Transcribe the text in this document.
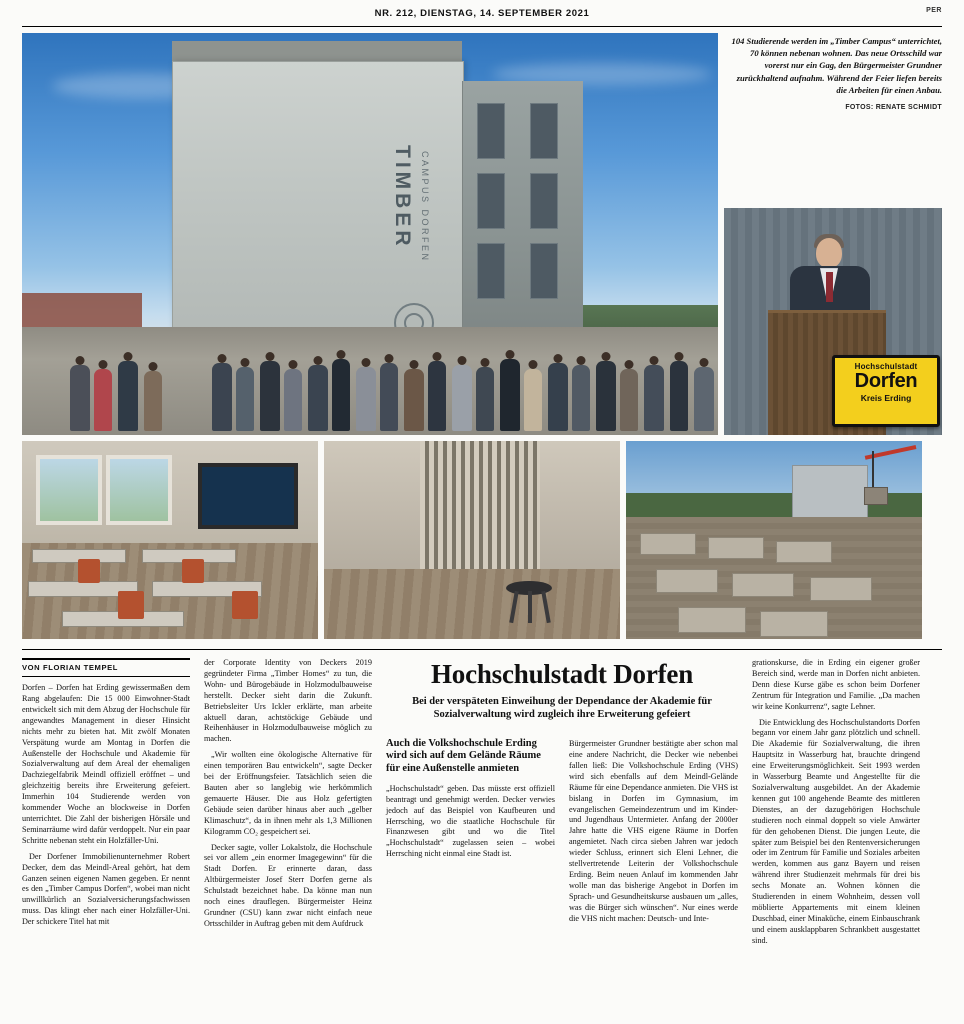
NR. 212, DIENSTAG, 14. SEPTEMBER 2021	PER
TIMBER CAMPUS DORFEN
104 Studierende werden im „Timber Campus“ unterrichtet, 70 können nebenan wohnen. Das neue Ortsschild war vorerst nur ein Gag, den Bürgermeister Grundner zurückhaltend aufnahm. Während der Feier liefen bereits die Arbeiten für einen Anbau.
FOTOS: RENATE SCHMIDT
Hochschulstadt
Dorfen
Kreis Erding
VON FLORIAN TEMPEL

Dorfen – Dorfen hat Erding gewissermaßen dem Rang abgelaufen: Die 15 000 Einwohner-Stadt entwickelt sich mit dem Abzug der Hochschule für angewandtes Management in dieser Hinsicht nichts mehr zu bieten hat. Mit zwölf Monaten Verspätung wurde am Montag in Dorfen die Außenstelle der Hochschule und Akademie für Sozialverwaltung auf dem Areal der ehemaligen Dachziegelfabrik Meindl offiziell eröffnet – und gleichzeitig bereits ihre Erweiterung gefeiert. Immerhin 104 Studierende werden von kommender Woche an blockweise in Dorfen unterrichtet. Die Zahl der bisherigen Hörsäle und Seminarräume wird dafür verdoppelt. Nur ein paar Schritte nebenan steht ein Holzfäller-Uni.

Der Dorfener Immobilienunternehmer Robert Decker, dem das Meindl-Areal gehört, hat dem Ganzen seinen eigenen Namen gegeben. Er nennt es den „Timber Campus Dorfen“, wobei man nicht unwillkürlich an Sozialversicherungsfachwissen muss. Das klingt eher nach einer Holzfäller-Uni. Der schickere Titel hat mit

der Corporate Identity von Deckers 2019 gegründeter Firma „Timber Homes“ zu tun, die Wohn- und Bürogebäude in Holzmodulbauweise herstellt. Decker sieht darin die Zukunft. Betriebsleiter Urs Ickler erklärte, man arbeite aktuell daran, achtstöckige Gebäude und Reihenhäuser in Holzmodulbauweise möglich zu machen.

„Wir wollten eine ökologische Alternative für einen temporären Bau entwickeln“, sagte Decker bei der Eröffnungsfeier. Tatsächlich seien die Bauten aber so langlebig wie herkömmlich gemauerte Häuser. Die aus Holz gefertigten Gebäude seien darüber hinaus aber auch „gelber Klimaschutz“, da in ihnen mehr als 1,3 Millionen Kilogramm CO₂ gespeichert sei.

Decker sagte, voller Lokalstolz, die Hochschule sei vor allem „ein enormer Imagegewinn“ für die Stadt Dorfen. Er erinnerte daran, dass Altbürgermeister Josef Sterr Dorfen gerne als Schulstadt bezeichnet habe. Da könne man nun noch eines drauflegen. Bürgermeister Heinz Grundner (CSU) kann zwar nicht einfach neue Ortsschilder in Auftrag geben mit dem Aufdruck

Hochschulstadt Dorfen
Bei der verspäteten Einweihung der Dependance der Akademie für Sozialverwaltung wird zugleich ihre Erweiterung gefeiert
Auch die Volkshochschule Erding wird sich auf dem Gelände Räume für eine Außenstelle anmieten

„Hochschulstadt“ geben. Das müsste erst offiziell beantragt und genehmigt werden. Decker verwies jedoch auf das Beispiel von Kaufbeuren und Herrsching, wo die staatliche Hochschule für Finanzwesen gibt und wo die Titel „Hochschulstadt“ zugelassen seien – wobei Herrsching nicht einmal eine Stadt ist.

Bürgermeister Grundner bestätigte aber schon mal eine andere Nachricht, die Decker wie nebenbei fallen ließ: Die Volkshochschule Erding (VHS) wird sich ebenfalls auf dem Meindl-Gelände Räume für eine Dependance anmieten. Die VHS ist bislang in Dorfen im Gymnasium, im evangelischen Gemeindezentrum und im Kinder- und Jugendhaus Untermieter. Anfang der 2000er Jahre hatte die VHS eigene Räume in Dorfen angemietet. Nach circa sieben Jahren war jedoch wieder Schluss, erinnert sich Eleni Lehner, die stellvertretende Leiterin der Volkshochschule Erding. Beim neuen Anlauf im kommenden Jahr wolle man das bisherige Angebot in Dorfen im Sprach- und Gesundheitskurse ausbauen um „alles, was die Bürger sich wünschen“. Nur eines werde die VHS nicht machen: Deutsch- und Inte-

grationskurse, die in Erding ein eigener großer Bereich sind, werde man in Dorfen nicht anbieten. Denn diese Kurse gäbe es schon beim Dorfener Zentrum für Integration und Familie. „Da machen wir keine Konkurrenz“, sagte Lehner.

Die Entwicklung des Hochschulstandorts Dorfen begann vor einem Jahr ganz plötzlich und schnell. Die Akademie für Sozialverwaltung, die ihren Hauptsitz in Wasserburg hat, brauchte dringend eine Erweiterungsmöglichkeit. Seit 1993 werden in Wasserburg Beamte und Angestellte für die Sozialverwaltung ausgebildet. An der Akademie kennen gut 100 angehende Beamte des mittleren Dienstes, an der dazugehörigen Hochschule studieren noch einmal doppelt so viele Anwärter für den gehobenen Dienst. Die jungen Leute, die später zum Beispiel bei den Rentenversicherungen oder im Zentrum für Familie und Soziales arbeiten werden, kommen aus ganz Bayern und reisen während ihrer Studienzeit mehrmals für drei bis sechs Monate an. Wohnen können die Studierenden in einem Wohnheim, dessen voll möblierte Appartements mit einem kleinen Duschbad, einer Minaküche, einem Einbauschrank und einem ausklappbaren Schrankbett ausgestattet sind.
